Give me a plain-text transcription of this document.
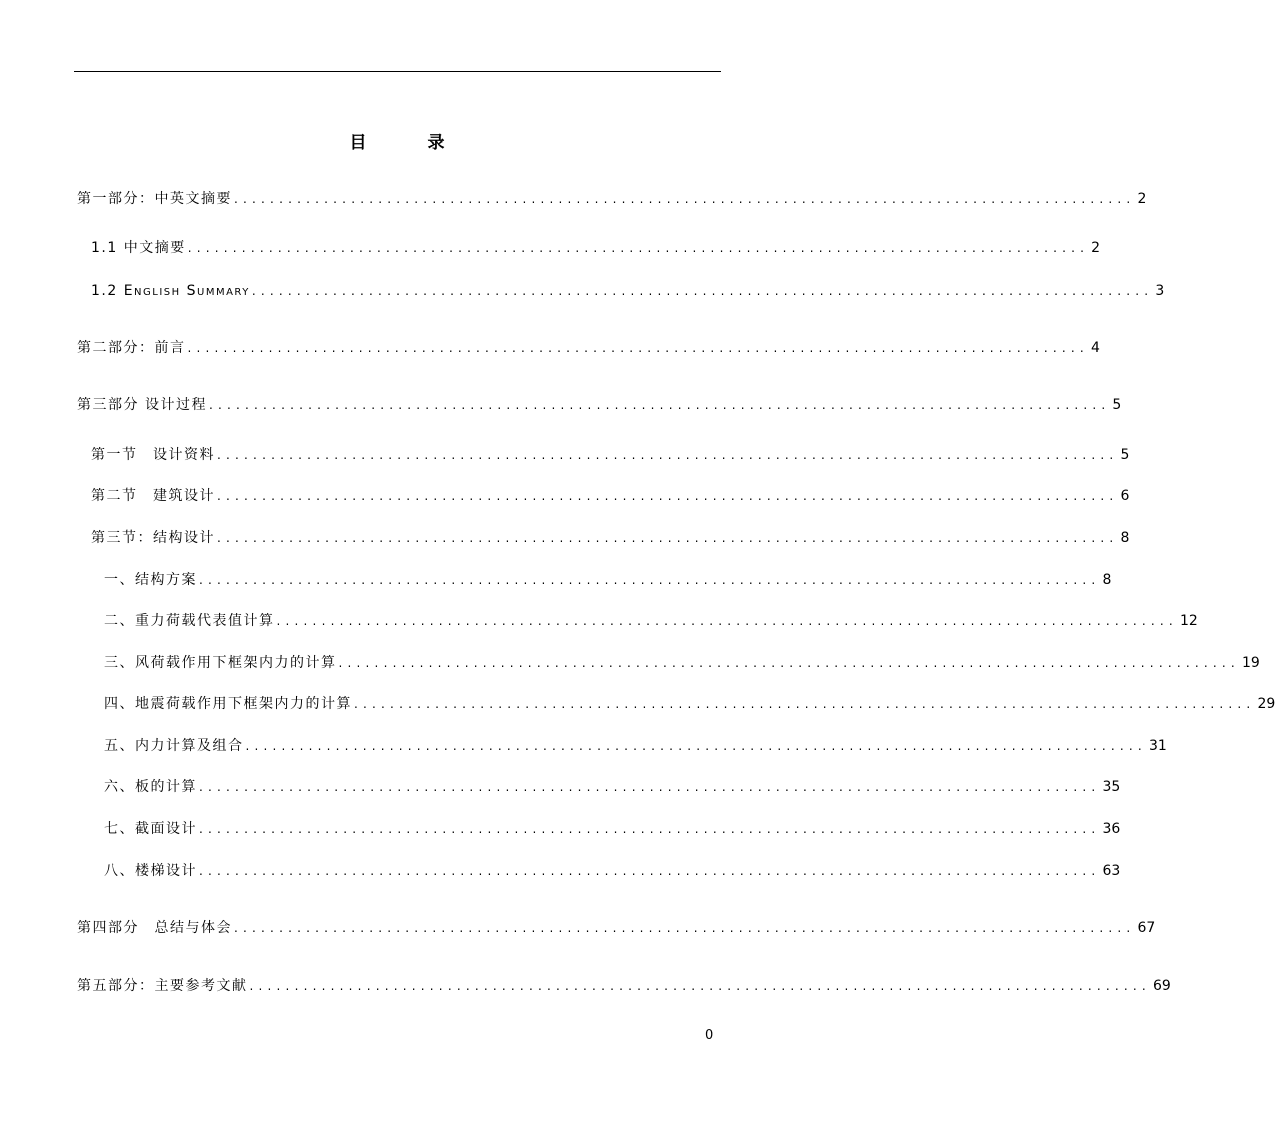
目　录
第一部分：中英文摘要 .................................................................................................... 2
1.1 中文摘要 .................................................................................................... 2
1.2 English Summary .................................................................................................... 3
第二部分：前言 .................................................................................................... 4
第三部分 设计过程 .................................................................................................... 5
第一节　设计资料 .................................................................................................... 5
第二节　建筑设计 .................................................................................................... 6
第三节：结构设计 .................................................................................................... 8
一、结构方案 .................................................................................................... 8
二、重力荷载代表值计算 .................................................................................................... 12
三、风荷载作用下框架内力的计算 .................................................................................................... 19
四、地震荷载作用下框架内力的计算 .................................................................................................... 29
五、内力计算及组合 .................................................................................................... 31
六、板的计算 .................................................................................................... 35
七、截面设计 .................................................................................................... 36
八、楼梯设计 .................................................................................................... 63
第四部分　总结与体会 .................................................................................................... 67
第五部分：主要参考文献 .................................................................................................... 69
0
